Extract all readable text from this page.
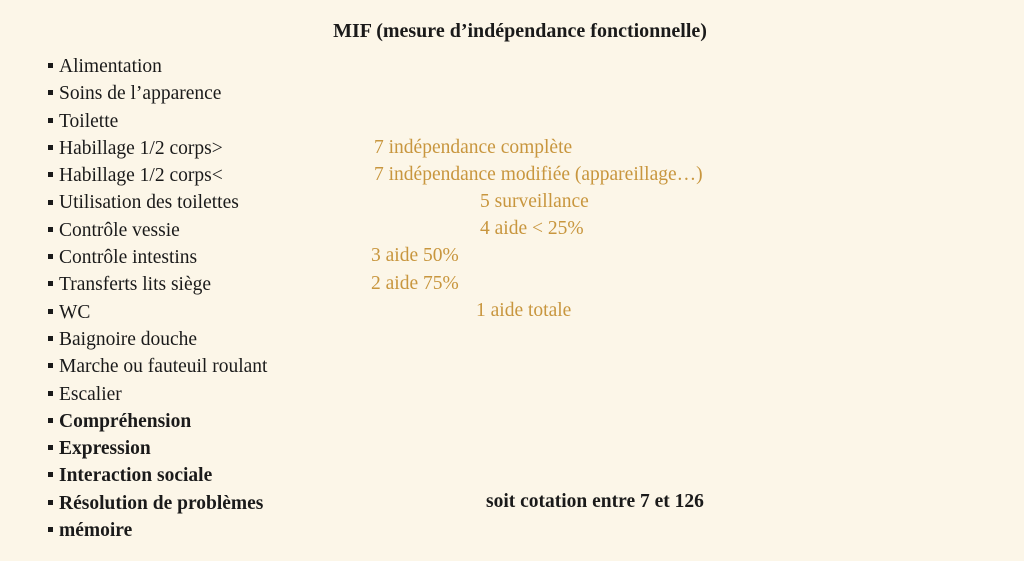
MIF (mesure d’indépendance fonctionnelle)
Alimentation
Soins de l’apparence
Toilette
Habillage 1/2 corps>
Habillage 1/2 corps<
Utilisation des toilettes
Contrôle vessie
Contrôle intestins
Transferts lits siège
WC
Baignoire douche
Marche ou fauteuil roulant
Escalier
Compréhension
Expression
Interaction sociale
Résolution de problèmes
mémoire
7 indépendance complète
7 indépendance modifiée (appareillage…)
5 surveillance
4 aide < 25%
3 aide 50%
2 aide 75%
1 aide totale
soit cotation entre 7 et 126
